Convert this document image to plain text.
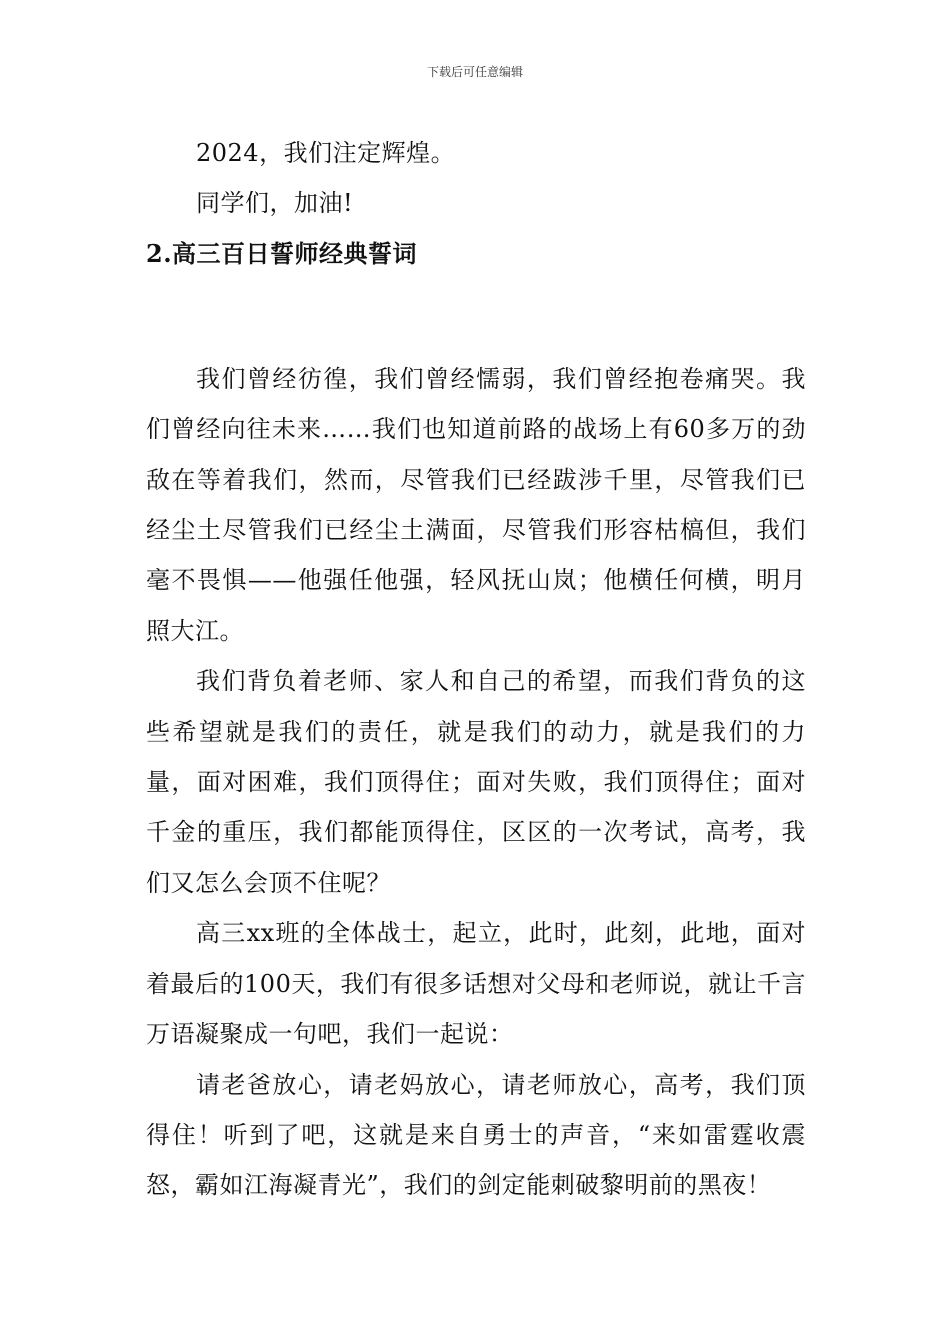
下载后可任意编辑

2024，我们注定辉煌。

同学们，加油!

2.高三百日誓师经典誓词

我们曾经彷徨，我们曾经懦弱，我们曾经抱卷痛哭。我们曾经向往未来……我们也知道前路的战场上有60多万的劲敌在等着我们，然而，尽管我们已经跋涉千里，尽管我们已经尘土尽管我们已经尘土满面，尽管我们形容枯槁但，我们毫不畏惧——他强任他强，轻风抚山岚；他横任何横，明月照大江。

我们背负着老师、家人和自己的希望，而我们背负的这些希望就是我们的责任，就是我们的动力，就是我们的力量，面对困难，我们顶得住；面对失败，我们顶得住；面对千金的重压，我们都能顶得住，区区的一次考试，高考，我们又怎么会顶不住呢？

高三xx班的全体战士，起立，此时，此刻，此地，面对着最后的100天，我们有很多话想对父母和老师说，就让千言万语凝聚成一句吧，我们一起说：

请老爸放心，请老妈放心，请老师放心，高考，我们顶得住！听到了吧，这就是来自勇士的声音，“来如雷霆收震怒，霸如江海凝青光”，我们的剑定能刺破黎明前的黑夜！
